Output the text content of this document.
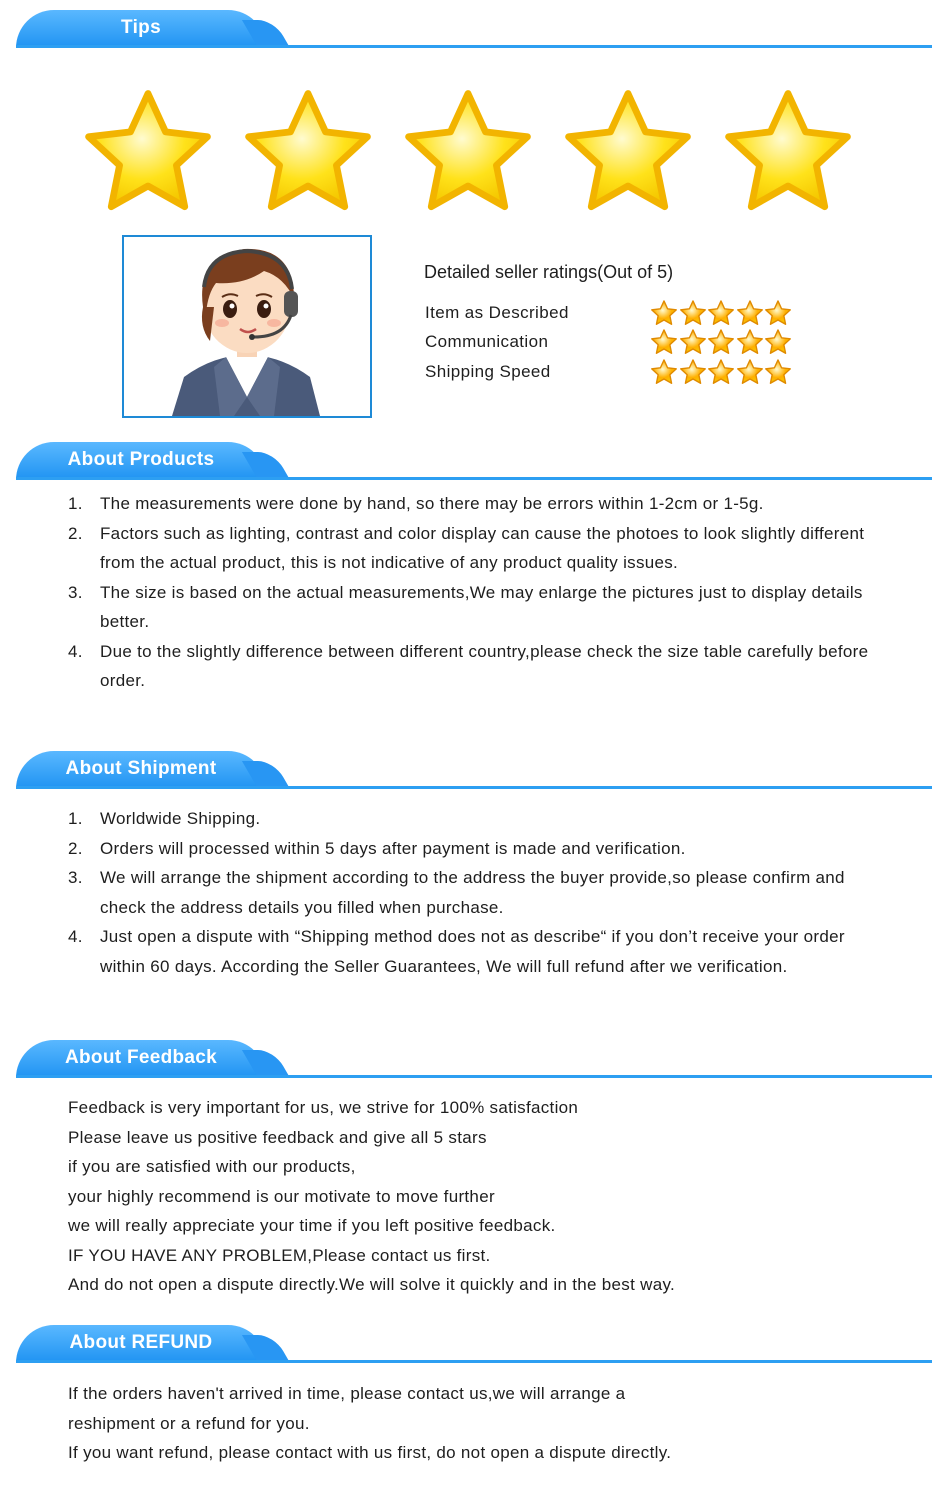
Tips
Detailed seller ratings(Out of 5)
Item as Described
Communication
Shipping Speed
About Products
1. The measurements were done by hand, so there may be errors within 1-2cm or 1-5g.
2. Factors such as lighting, contrast and color display can cause the photoes to look slightly different from the actual product, this is not indicative of any product quality issues.
3. The size is based on the actual measurements,We may enlarge the pictures just to display details better.
4. Due to the slightly difference between different country,please check the size table carefully before order.
About Shipment
1. Worldwide Shipping.
2. Orders will processed within 5 days after payment is made and verification.
3. We will arrange the shipment according to the address the buyer provide,so please confirm and check the address details you filled when purchase.
4. Just open a dispute with “Shipping method does not as describe“ if you don’t receive your order within 60 days. According the Seller Guarantees, We will full refund after we verification.
About Feedback
Feedback is very important for us, we strive for 100% satisfaction
Please leave us positive feedback and give all 5 stars
if you are satisfied with our products,
your highly recommend is our motivate to move further
we will really appreciate your time if you left positive feedback.
IF YOU HAVE ANY PROBLEM,Please contact us first.
And do not open a dispute directly.We will solve it quickly and in the best way.
About REFUND
If the orders haven't arrived in time, please contact us,we will arrange a
reshipment or a refund for you.
If you want refund, please contact with us first, do not open a dispute directly.
